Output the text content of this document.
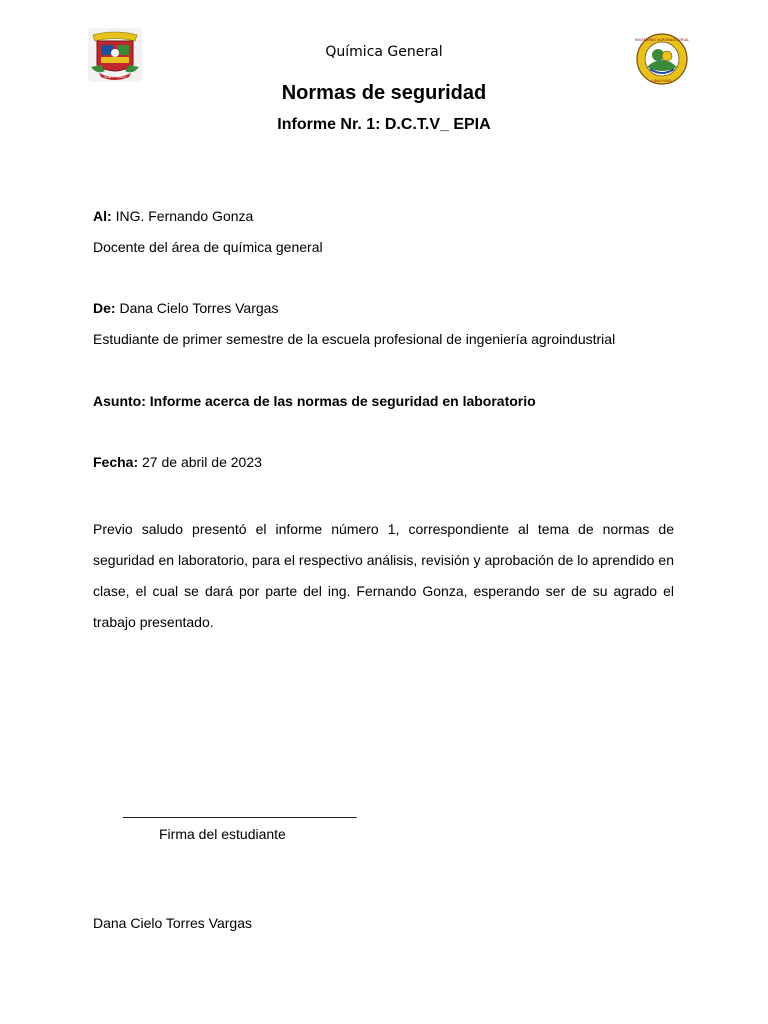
UNA PUNO
Química General
INGENIERIA AGROINDUSTRIAL
UNA PUNO
Normas de seguridad
Informe Nr. 1: D.C.T.V_ EPIA
Al: ING. Fernando Gonza
Docente del área de química general
De: Dana Cielo Torres Vargas
Estudiante de primer semestre de la escuela profesional de ingeniería agroindustrial
Asunto: Informe acerca de las normas de seguridad en laboratorio
Fecha: 27 de abril de 2023
Previo saludo presentó el informe número 1, correspondiente al tema de normas de seguridad en laboratorio, para el respectivo análisis, revisión y aprobación de lo aprendido en clase, el cual se dará por parte del ing. Fernando Gonza, esperando ser de su agrado el trabajo presentado.
______________________________
Firma del estudiante
Dana Cielo Torres Vargas
